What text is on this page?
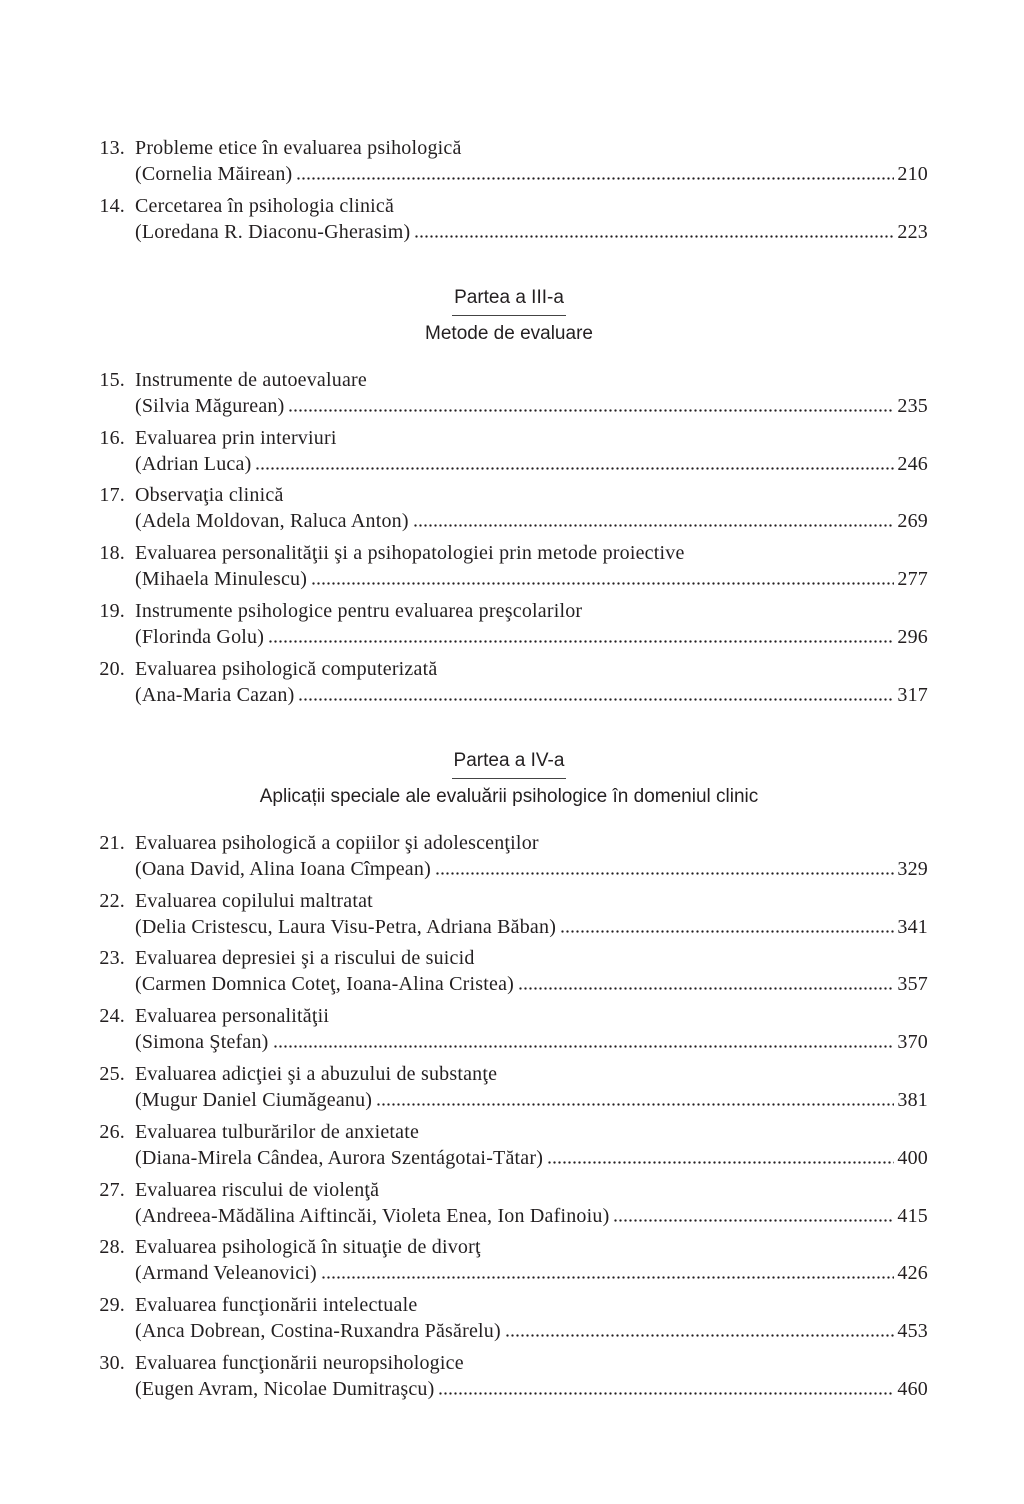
13. Probleme etice în evaluarea psihologică
(Cornelia Măirean)	210
14. Cercetarea în psihologia clinică
(Loredana R. Diaconu-Gherasim)	223
Partea a III-a
Metode de evaluare
15. Instrumente de autoevaluare
(Silvia Măgurean)	235
16. Evaluarea prin interviuri
(Adrian Luca)	246
17. Observaţia clinică
(Adela Moldovan, Raluca Anton)	269
18. Evaluarea personalităţii şi a psihopatologiei prin metode proiective
(Mihaela Minulescu)	277
19. Instrumente psihologice pentru evaluarea preşcolarilor
(Florinda Golu)	296
20. Evaluarea psihologică computerizată
(Ana-Maria Cazan)	317
Partea a IV-a
Aplicații speciale ale evaluării psihologice în domeniul clinic
21. Evaluarea psihologică a copiilor şi adolescenţilor
(Oana David, Alina Ioana Cîmpean)	329
22. Evaluarea copilului maltratat
(Delia Cristescu, Laura Visu-Petra, Adriana Băban)	341
23. Evaluarea depresiei şi a riscului de suicid
(Carmen Domnica Coteţ, Ioana-Alina Cristea)	357
24. Evaluarea personalităţii
(Simona Ştefan)	370
25. Evaluarea adicţiei şi a abuzului de substanţe
(Mugur Daniel Ciumăgeanu)	381
26. Evaluarea tulburărilor de anxietate
(Diana-Mirela Cândea, Aurora Szentágotai-Tătar)	400
27. Evaluarea riscului de violenţă
(Andreea-Mădălina Aiftincăi, Violeta Enea, Ion Dafinoiu)	415
28. Evaluarea psihologică în situaţie de divorţ
(Armand Veleanovici)	426
29. Evaluarea funcţionării intelectuale
(Anca Dobrean, Costina-Ruxandra Păsărelu)	453
30. Evaluarea funcţionării neuropsihologice
(Eugen Avram, Nicolae Dumitraşcu)	460
